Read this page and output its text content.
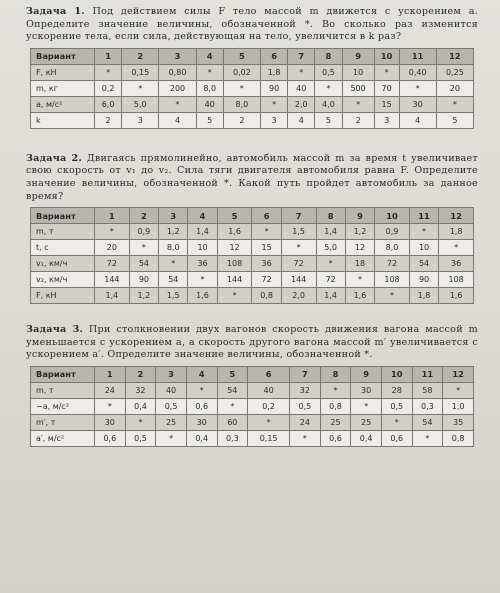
Задача 1. Под действием силы F тело массой m движется с ускорением a. Определите значение величины, обозначенной *. Во сколько раз изменится ускорение тела, если сила, действующая на тело, увеличится в k раз?

Вариант	1	2	3	4	5	6	7	8	9	10	11	12
F, кН	*	0,15	0,80	*	0,02	1,8	*	0,5	10	*	0,40	0,25
m, кг	0,2	*	200	8,0	*	90	40	*	500	70	*	20
a, м/с²	6,0	5,0	*	40	8,0	*	2,0	4,0	*	15	30	*
k	2	3	4	5	2	3	4	5	2	3	4	5

Задача 2. Двигаясь прямолинейно, автомобиль массой m за время t увеличивает свою скорость от v₁ до v₂. Сила тяги двигателя автомобиля равна F. Определите значение величины, обозначенной *. Какой путь пройдет автомобиль за данное время?

Вариант	1	2	3	4	5	6	7	8	9	10	11	12
m, т	*	0,9	1,2	1,4	1,6	*	1,5	1,4	1,2	0,9	*	1,8
t, с	20	*	8,0	10	12	15	*	5,0	12	8,0	10	*
v₁, км/ч	72	54	*	36	108	36	72	*	18	72	54	36
v₂, км/ч	144	90	54	*	144	72	144	72	*	108	90	108
F, кН	1,4	1,2	1,5	1,6	*	0,8	2,0	1,4	1,6	*	1,8	1,6

Задача 3. При столкновении двух вагонов скорость движения вагона массой m уменьшается с ускорением a, а скорость другого вагона массой m′ увеличивается с ускорением a′. Определите значение величины, обозначенной *.

Вариант	1	2	3	4	5	6	7	8	9	10	11	12
m, т	24	32	40	*	54	40	32	*	30	28	58	*
−a, м/с²	*	0,4	0,5	0,6	*	0,2	0,5	0,8	*	0,5	0,3	1,0
m′, т	30	*	25	30	60	*	24	25	25	*	54	35
a′, м/с²	0,6	0,5	*	0,4	0,3	0,15	*	0,6	0,4	0,6	*	0,8
